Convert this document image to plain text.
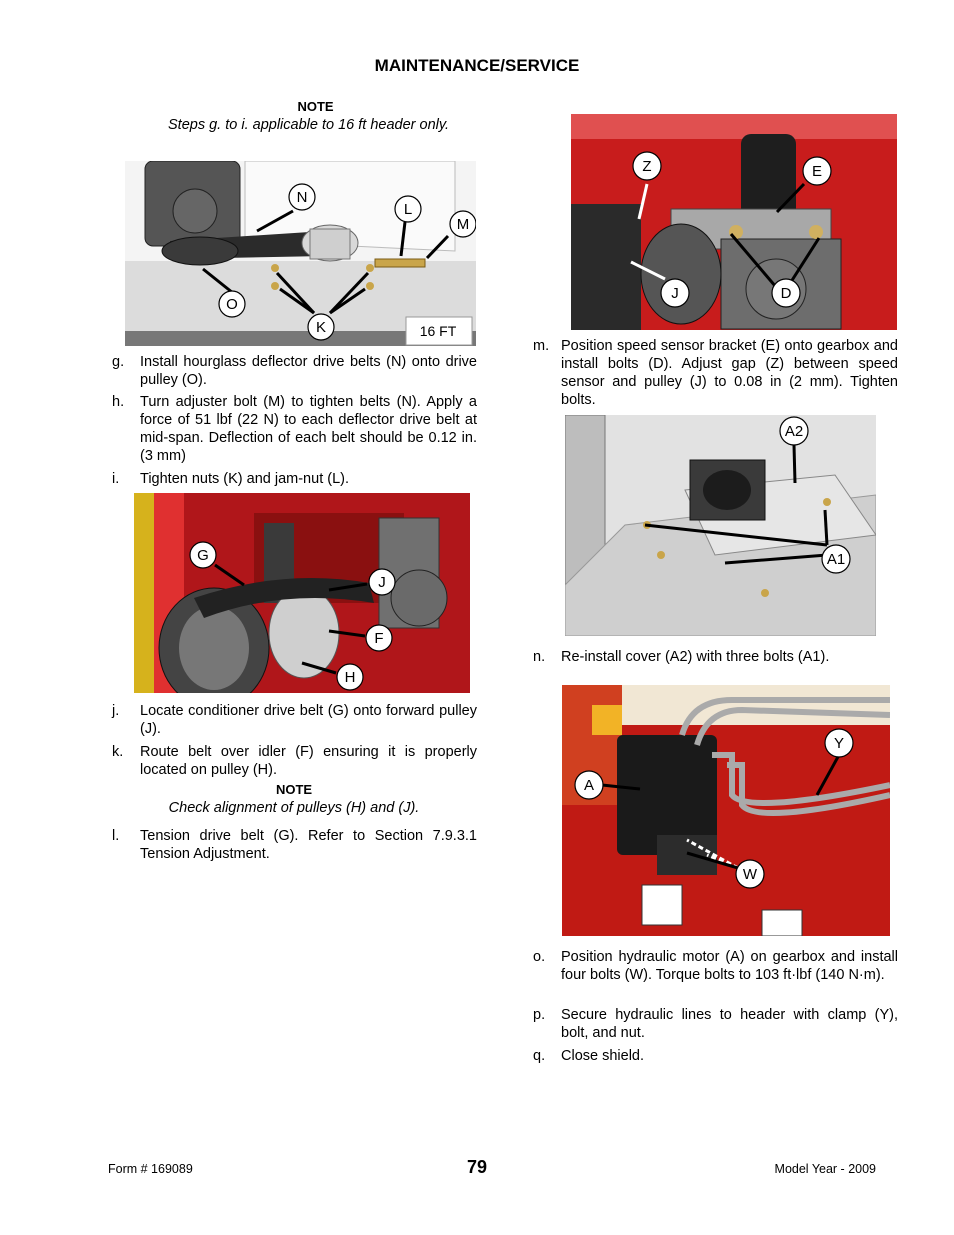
MAINTENANCE/SERVICE
NOTE
Steps g. to i. applicable to 16 ft header only.
N
L
M
O
K	16 FT
g. Install hourglass deflector drive belts (N) onto drive pulley (O).
h. Turn adjuster bolt (M) to tighten belts (N). Apply a force of 51 lbf (22 N) to each deflector drive belt at mid-span. Deflection of each belt should be 0.12 in. (3 mm)
i. Tighten nuts (K) and jam-nut (L).
G
J
F
H
j. Locate conditioner drive belt (G) onto forward pulley (J).
k. Route belt over idler (F) ensuring it is properly located on pulley (H).
NOTE
Check alignment of pulleys (H) and (J).
l. Tension drive belt (G). Refer to Section 7.9.3.1 Tension Adjustment.
Z	E
J	D
m. Position speed sensor bracket (E) onto gearbox and install bolts (D). Adjust gap (Z) between speed sensor and pulley (J) to 0.08 in (2 mm). Tighten bolts.
A2
A1
n. Re-install cover (A2) with three bolts (A1).
Y
A
W
o. Position hydraulic motor (A) on gearbox and install four bolts (W). Torque bolts to 103 ft·lbf (140 N·m).
p. Secure hydraulic lines to header with clamp (Y), bolt, and nut.
q. Close shield.
Form # 169089	79	Model Year - 2009
